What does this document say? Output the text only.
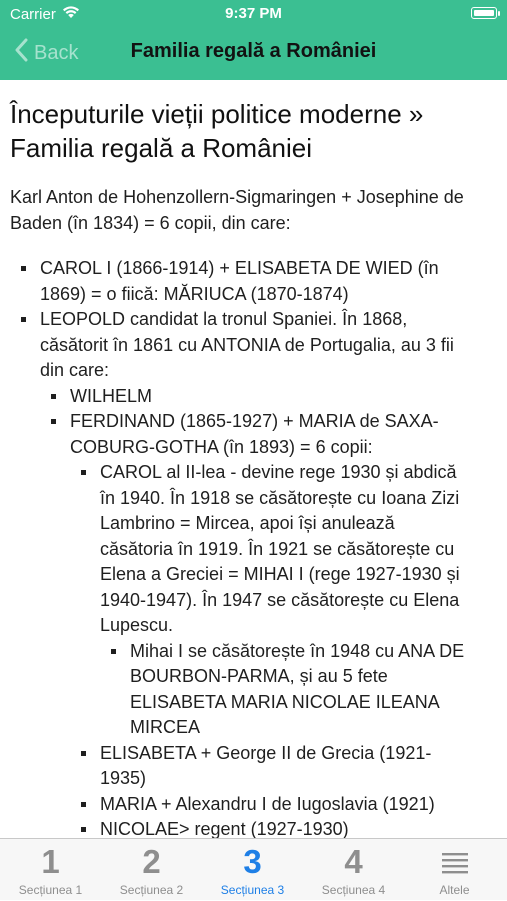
Carrier	9:37 PM
Back	Familia regală a României
Începuturile vieții politice moderne » Familia regală a României

Karl Anton de Hohenzollern-Sigmaringen + Josephine de Baden (în 1834) = 6 copii, din care:

CAROL I (1866-1914) + ELISABETA DE WIED (în 1869) = o fiică: MĂRIUCA (1870-1874)
LEOPOLD candidat la tronul Spaniei. În 1868, căsătorit în 1861 cu ANTONIA de Portugalia, au 3 fii din care:
WILHELM
FERDINAND (1865-1927) + MARIA de SAXA-COBURG-GOTHA (în 1893) = 6 copii:
CAROL al II-lea - devine rege 1930 și abdică în 1940. În 1918 se căsătorește cu Ioana Zizi Lambrino = Mircea, apoi își anulează căsătoria în 1919. În 1921 se căsătorește cu Elena a Greciei = MIHAI I (rege 1927-1930 și 1940-1947). În 1947 se căsătorește cu Elena Lupescu.
Mihai I se căsătorește în 1948 cu ANA DE BOURBON-PARMA, și au 5 fete ELISABETA MARIA NICOLAE ILEANA MIRCEA
ELISABETA + George II de Grecia (1921-1935)
MARIA + Alexandru I de Iugoslavia (1921)
NICOLAE> regent (1927-1930)
1
Secțiunea 1
2
Secțiunea 2
3
Secțiunea 3
4
Secțiunea 4	Altele
